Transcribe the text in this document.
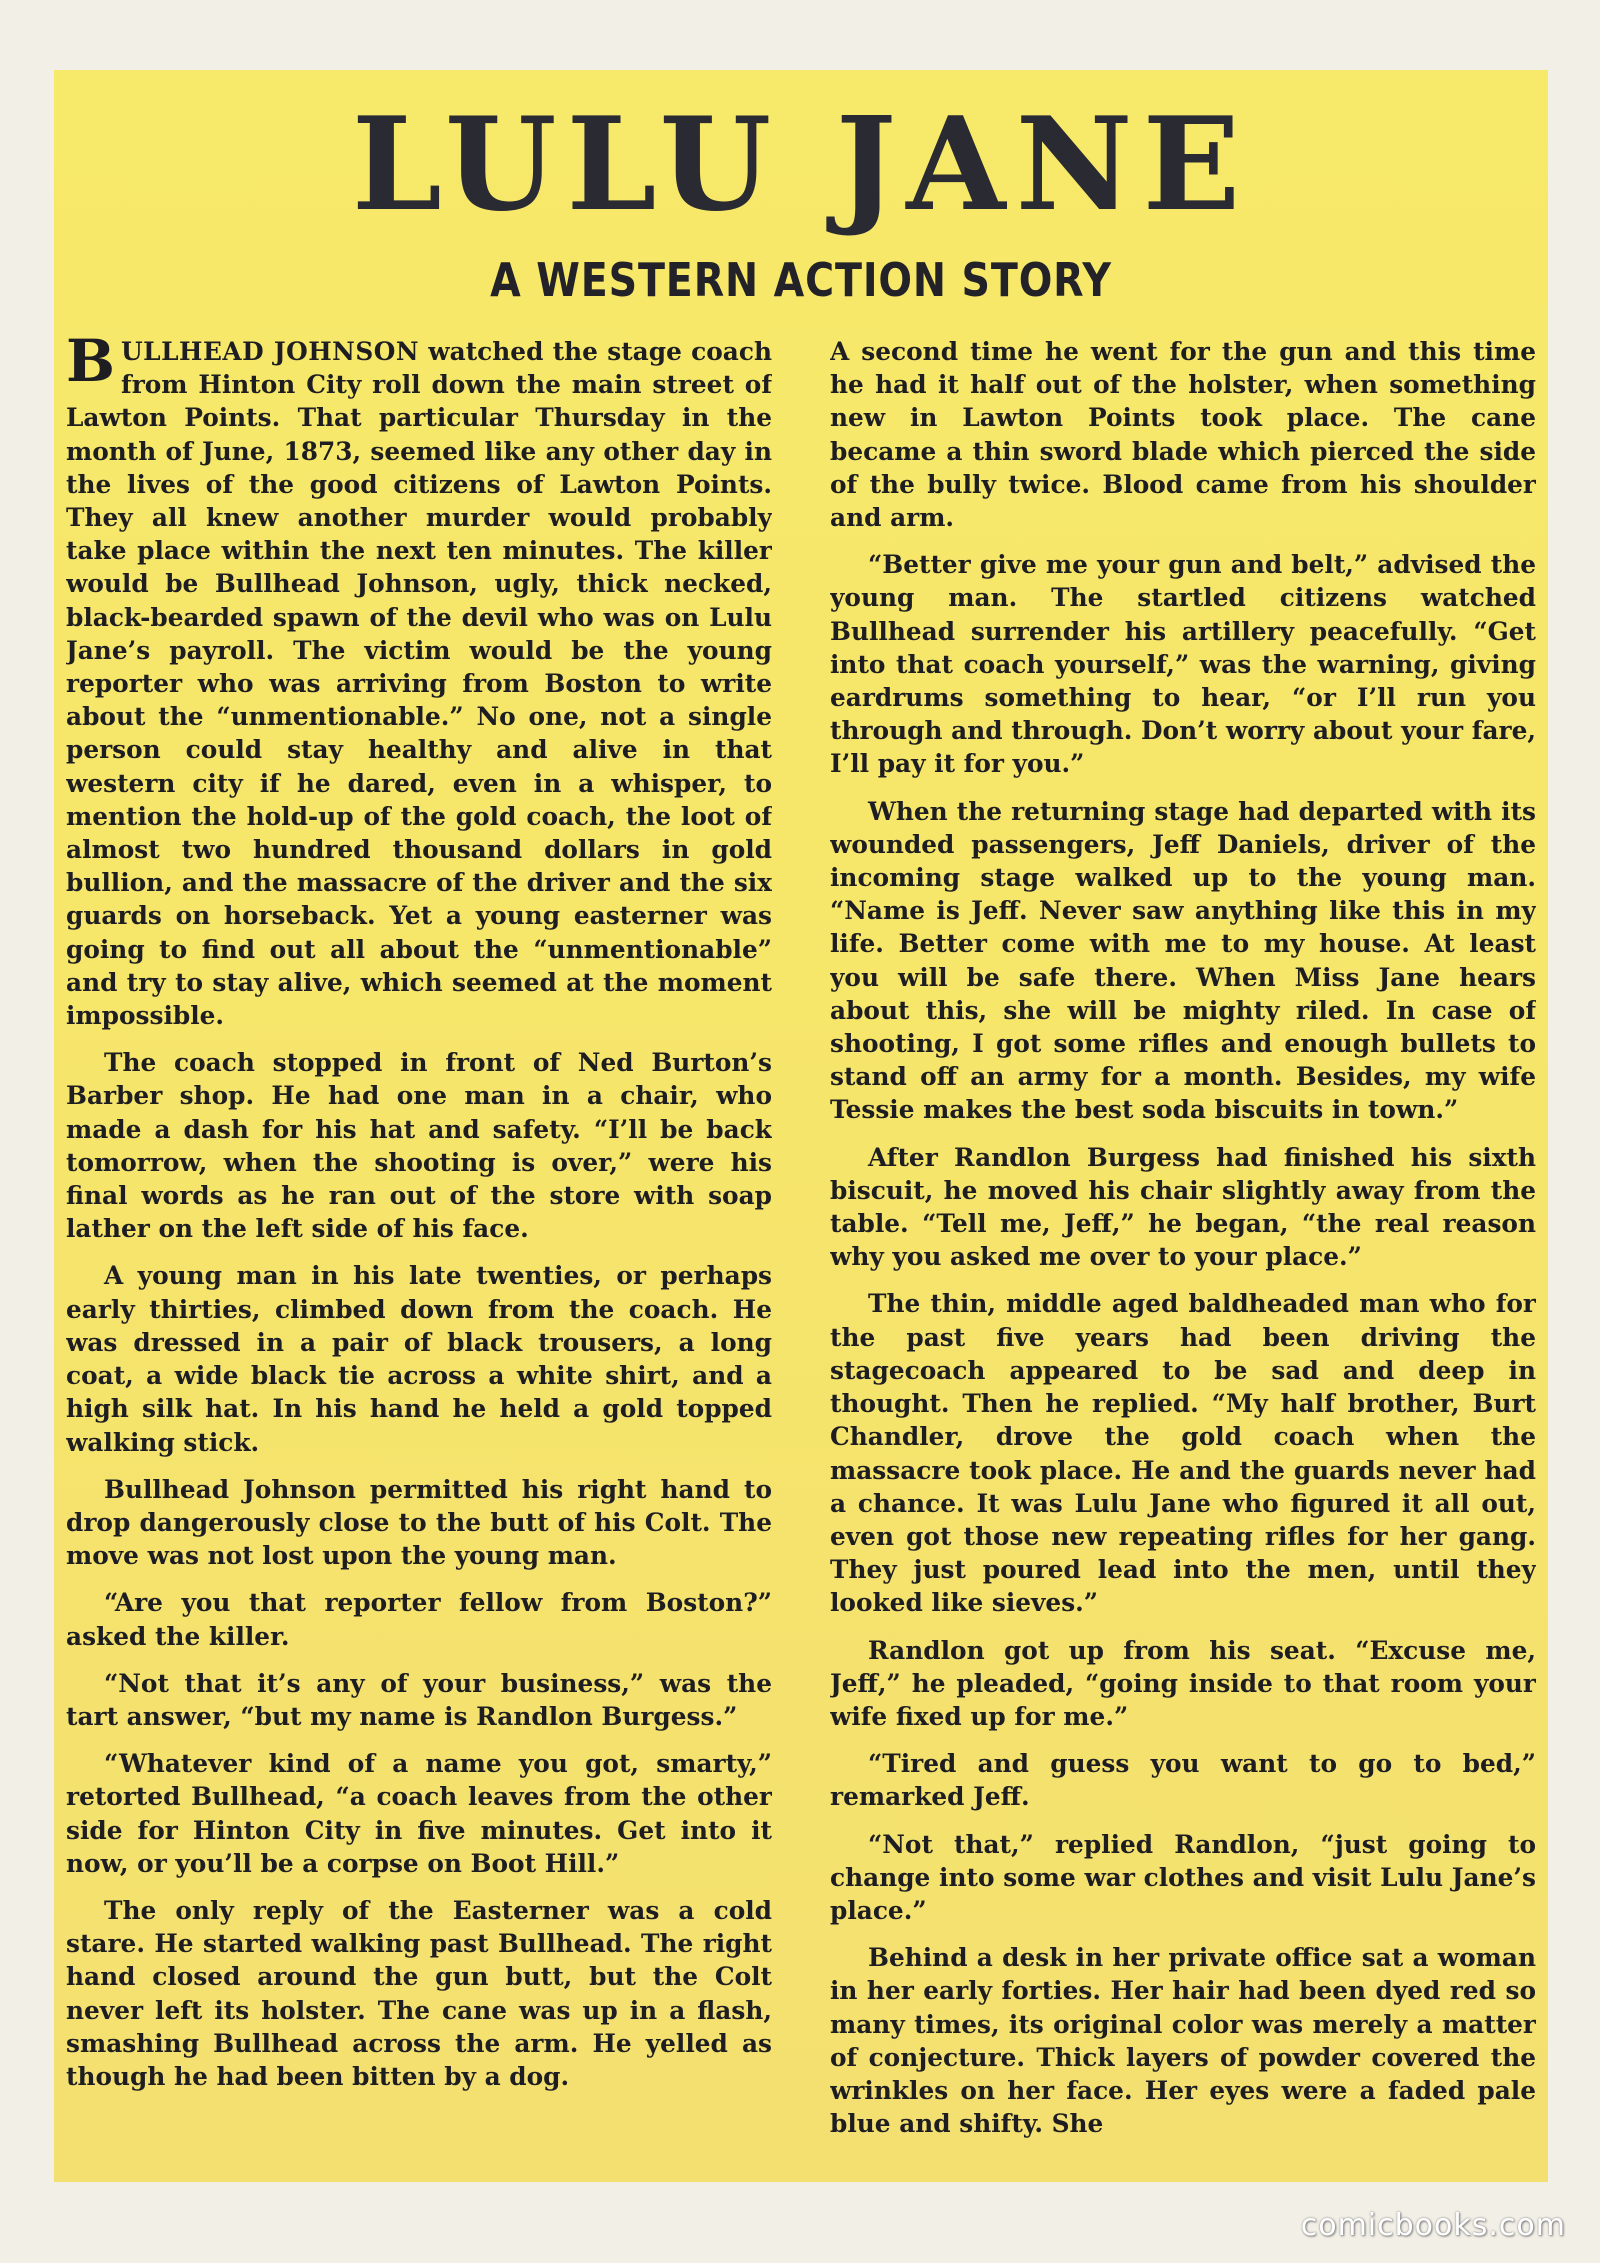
LULU JANE
A WESTERN ACTION STORY

BULLHEAD JOHNSON watched the stage coach from Hinton City roll down the main street of Lawton Points. That particular Thursday in the month of June, 1873, seemed like any other day in the lives of the good citizens of Lawton Points. They all knew another murder would probably take place within the next ten minutes. The killer would be Bullhead Johnson, ugly, thick necked, black-bearded spawn of the devil who was on Lulu Jane’s payroll. The victim would be the young reporter who was arriving from Boston to write about the “unmentionable.” No one, not a single person could stay healthy and alive in that western city if he dared, even in a whisper, to mention the hold-up of the gold coach, the loot of almost two hundred thousand dollars in gold bullion, and the massacre of the driver and the six guards on horseback. Yet a young easterner was going to find out all about the “unmentionable” and try to stay alive, which seemed at the moment impossible.

The coach stopped in front of Ned Burton’s Barber shop. He had one man in a chair, who made a dash for his hat and safety. “I’ll be back tomorrow, when the shooting is over,” were his final words as he ran out of the store with soap lather on the left side of his face.

A young man in his late twenties, or perhaps early thirties, climbed down from the coach. He was dressed in a pair of black trousers, a long coat, a wide black tie across a white shirt, and a high silk hat. In his hand he held a gold topped walking stick.

Bullhead Johnson permitted his right hand to drop dangerously close to the butt of his Colt. The move was not lost upon the young man.

“Are you that reporter fellow from Boston?” asked the killer.

“Not that it’s any of your business,” was the tart answer, “but my name is Randlon Burgess.”

“Whatever kind of a name you got, smarty,” retorted Bullhead, “a coach leaves from the other side for Hinton City in five minutes. Get into it now, or you’ll be a corpse on Boot Hill.”

The only reply of the Easterner was a cold stare. He started walking past Bullhead. The right hand closed around the gun butt, but the Colt never left its holster. The cane was up in a flash, smashing Bullhead across the arm. He yelled as though he had been bitten by a dog.

A second time he went for the gun and this time he had it half out of the holster, when something new in Lawton Points took place. The cane became a thin sword blade which pierced the side of the bully twice. Blood came from his shoulder and arm.

“Better give me your gun and belt,” advised the young man. The startled citizens watched Bullhead surrender his artillery peacefully. “Get into that coach yourself,” was the warning, giving eardrums something to hear, “or I’ll run you through and through. Don’t worry about your fare, I’ll pay it for you.”

When the returning stage had departed with its wounded passengers, Jeff Daniels, driver of the incoming stage walked up to the young man. “Name is Jeff. Never saw anything like this in my life. Better come with me to my house. At least you will be safe there. When Miss Jane hears about this, she will be mighty riled. In case of shooting, I got some rifles and enough bullets to stand off an army for a month. Besides, my wife Tessie makes the best soda biscuits in town.”

After Randlon Burgess had finished his sixth biscuit, he moved his chair slightly away from the table. “Tell me, Jeff,” he began, “the real reason why you asked me over to your place.”

The thin, middle aged baldheaded man who for the past five years had been driving the stagecoach appeared to be sad and deep in thought. Then he replied. “My half brother, Burt Chandler, drove the gold coach when the massacre took place. He and the guards never had a chance. It was Lulu Jane who figured it all out, even got those new repeating rifles for her gang. They just poured lead into the men, until they looked like sieves.”

Randlon got up from his seat. “Excuse me, Jeff,” he pleaded, “going inside to that room your wife fixed up for me.”

“Tired and guess you want to go to bed,” remarked Jeff.

“Not that,” replied Randlon, “just going to change into some war clothes and visit Lulu Jane’s place.”

Behind a desk in her private office sat a woman in her early forties. Her hair had been dyed red so many times, its original color was merely a matter of conjecture. Thick layers of powder covered the wrinkles on her face. Her eyes were a faded pale blue and shifty. She

comicbooks.com
